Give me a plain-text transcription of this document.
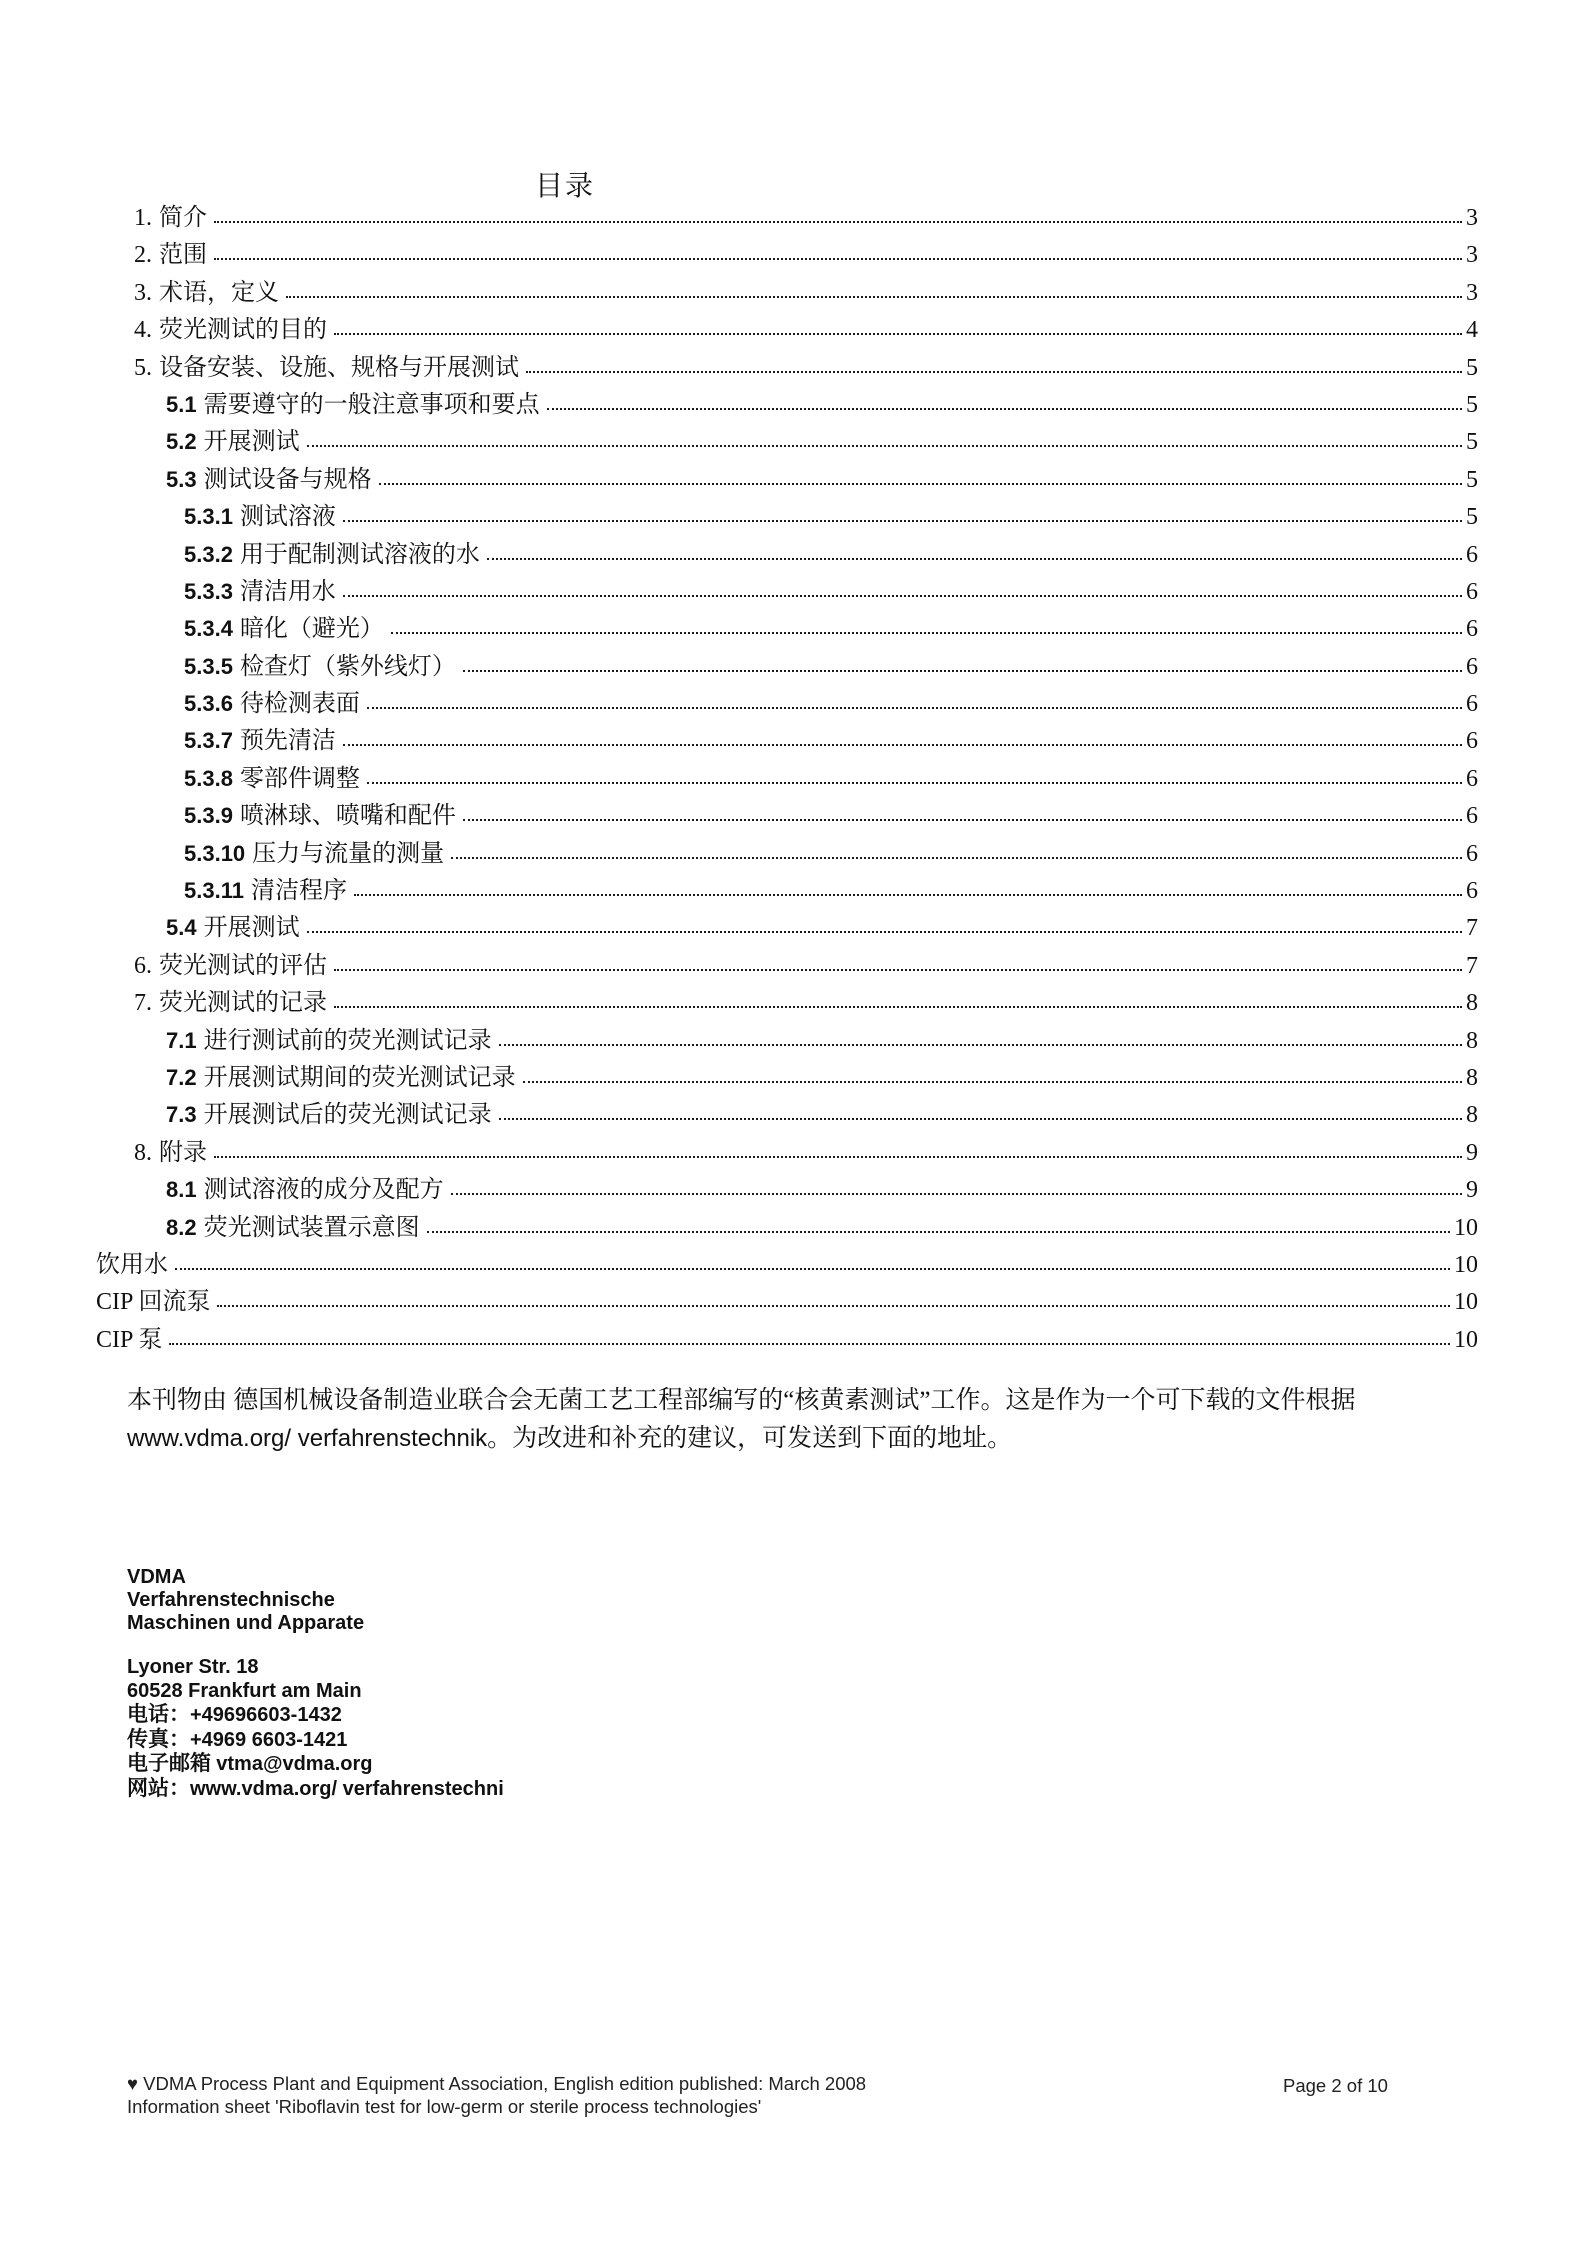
目录
1. 简介	3
2. 范围	3
3. 术语，定义	3
4. 荧光测试的目的	4
5. 设备安装、设施、规格与开展测试	5
5.1 需要遵守的一般注意事项和要点	5
5.2 开展测试	5
5.3 测试设备与规格	5
5.3.1 测试溶液	5
5.3.2 用于配制测试溶液的水	6
5.3.3 清洁用水	6
5.3.4 暗化（避光）	6
5.3.5 检查灯（紫外线灯）	6
5.3.6 待检测表面	6
5.3.7 预先清洁	6
5.3.8 零部件调整	6
5.3.9 喷淋球、喷嘴和配件	6
5.3.10 压力与流量的测量	6
5.3.11 清洁程序	6
5.4 开展测试	7
6. 荧光测试的评估	7
7. 荧光测试的记录	8
7.1 进行测试前的荧光测试记录	8
7.2 开展测试期间的荧光测试记录	8
7.3 开展测试后的荧光测试记录	8
8. 附录	9
8.1 测试溶液的成分及配方	9
8.2 荧光测试装置示意图	10
饮用水	10
CIP 回流泵	10
CIP 泵	10

本刊物由 德国机械设备制造业联合会无菌工艺工程部编写的“核黄素测试”工作。这是作为一个可下载的文件根据 www.vdma.org/ verfahrenstechnik。为改进和补充的建议，可发送到下面的地址。

VDMA
Verfahrenstechnische
Maschinen und Apparate
Lyoner Str. 18
60528 Frankfurt am Main
电话：+49696603-1432
传真：+4969 6603-1421
电子邮箱 vtma@vdma.org
网站：www.vdma.org/ verfahrenstechni
♥ VDMA Process Plant and Equipment Association, English edition published: March 2008
Information sheet 'Riboflavin test for low-germ or sterile process technologies'
Page 2 of 10
